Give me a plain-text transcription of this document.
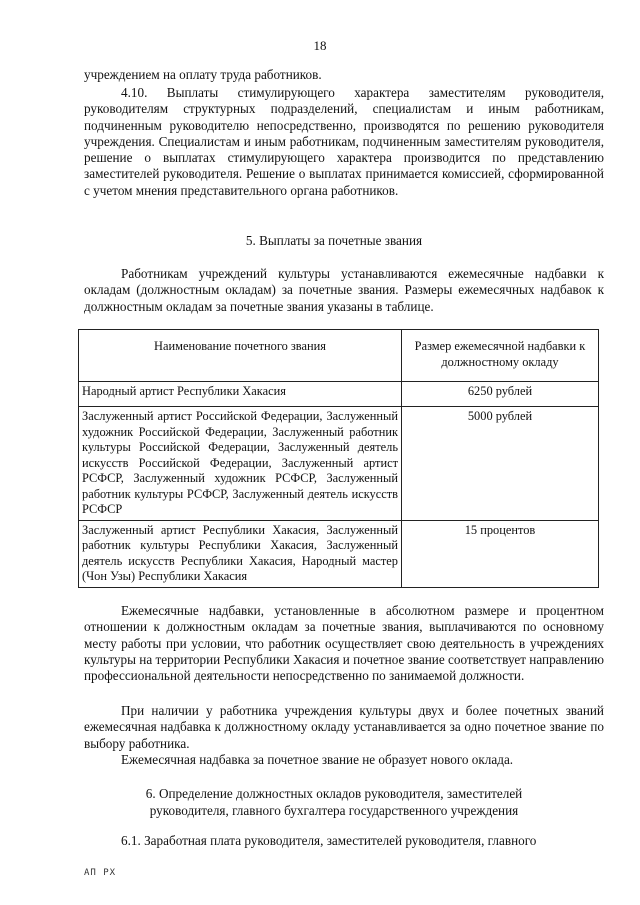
18

учреждением на оплату труда работников.

4.10. Выплаты стимулирующего характера заместителям руководителя, руководителям структурных подразделений, специалистам и иным работникам, подчиненным руководителю непосредственно, производятся по решению руководителя учреждения. Специалистам и иным работникам, подчиненным заместителям руководителя, решение о выплатах стимулирующего характера производится по представлению заместителей руководителя. Решение о выплатах принимается комиссией, сформированной с учетом мнения представительного органа работников.

5. Выплаты за почетные звания

Работникам учреждений культуры устанавливаются ежемесячные надбавки к окладам (должностным окладам) за почетные звания. Размеры ежемесячных надбавок к должностным окладам за почетные звания указаны в таблице.

Наименование почетного звания	Размер ежемесячной надбавки к должностному окладу
Народный артист Республики Хакасия	6250 рублей
Заслуженный артист Российской Федерации, Заслуженный художник Российской Федерации, Заслуженный работник культуры Российской Федерации, Заслуженный деятель искусств Российской Федерации, Заслуженный артист РСФСР, Заслуженный художник РСФСР, Заслуженный работник культуры РСФСР, Заслуженный деятель искусств РСФСР	5000 рублей
Заслуженный артист Республики Хакасия, Заслуженный работник культуры Республики Хакасия, Заслуженный деятель искусств Республики Хакасия, Народный мастер (Чон Узы) Республики Хакасия	15 процентов

Ежемесячные надбавки, установленные в абсолютном размере и процентном отношении к должностным окладам за почетные звания, выплачиваются по основному месту работы при условии, что работник осуществляет свою деятельность в учреждениях культуры на территории Республики Хакасия и почетное звание соответствует направлению профессиональной деятельности непосредственно по занимаемой должности.

При наличии у работника учреждения культуры двух и более почетных званий ежемесячная надбавка к должностному окладу устанавливается за одно почетное звание по выбору работника.

Ежемесячная надбавка за почетное звание не образует нового оклада.

6. Определение должностных окладов руководителя, заместителей

руководителя, главного бухгалтера государственного учреждения

6.1. Заработная плата руководителя, заместителей руководителя, главного

АП РХ
